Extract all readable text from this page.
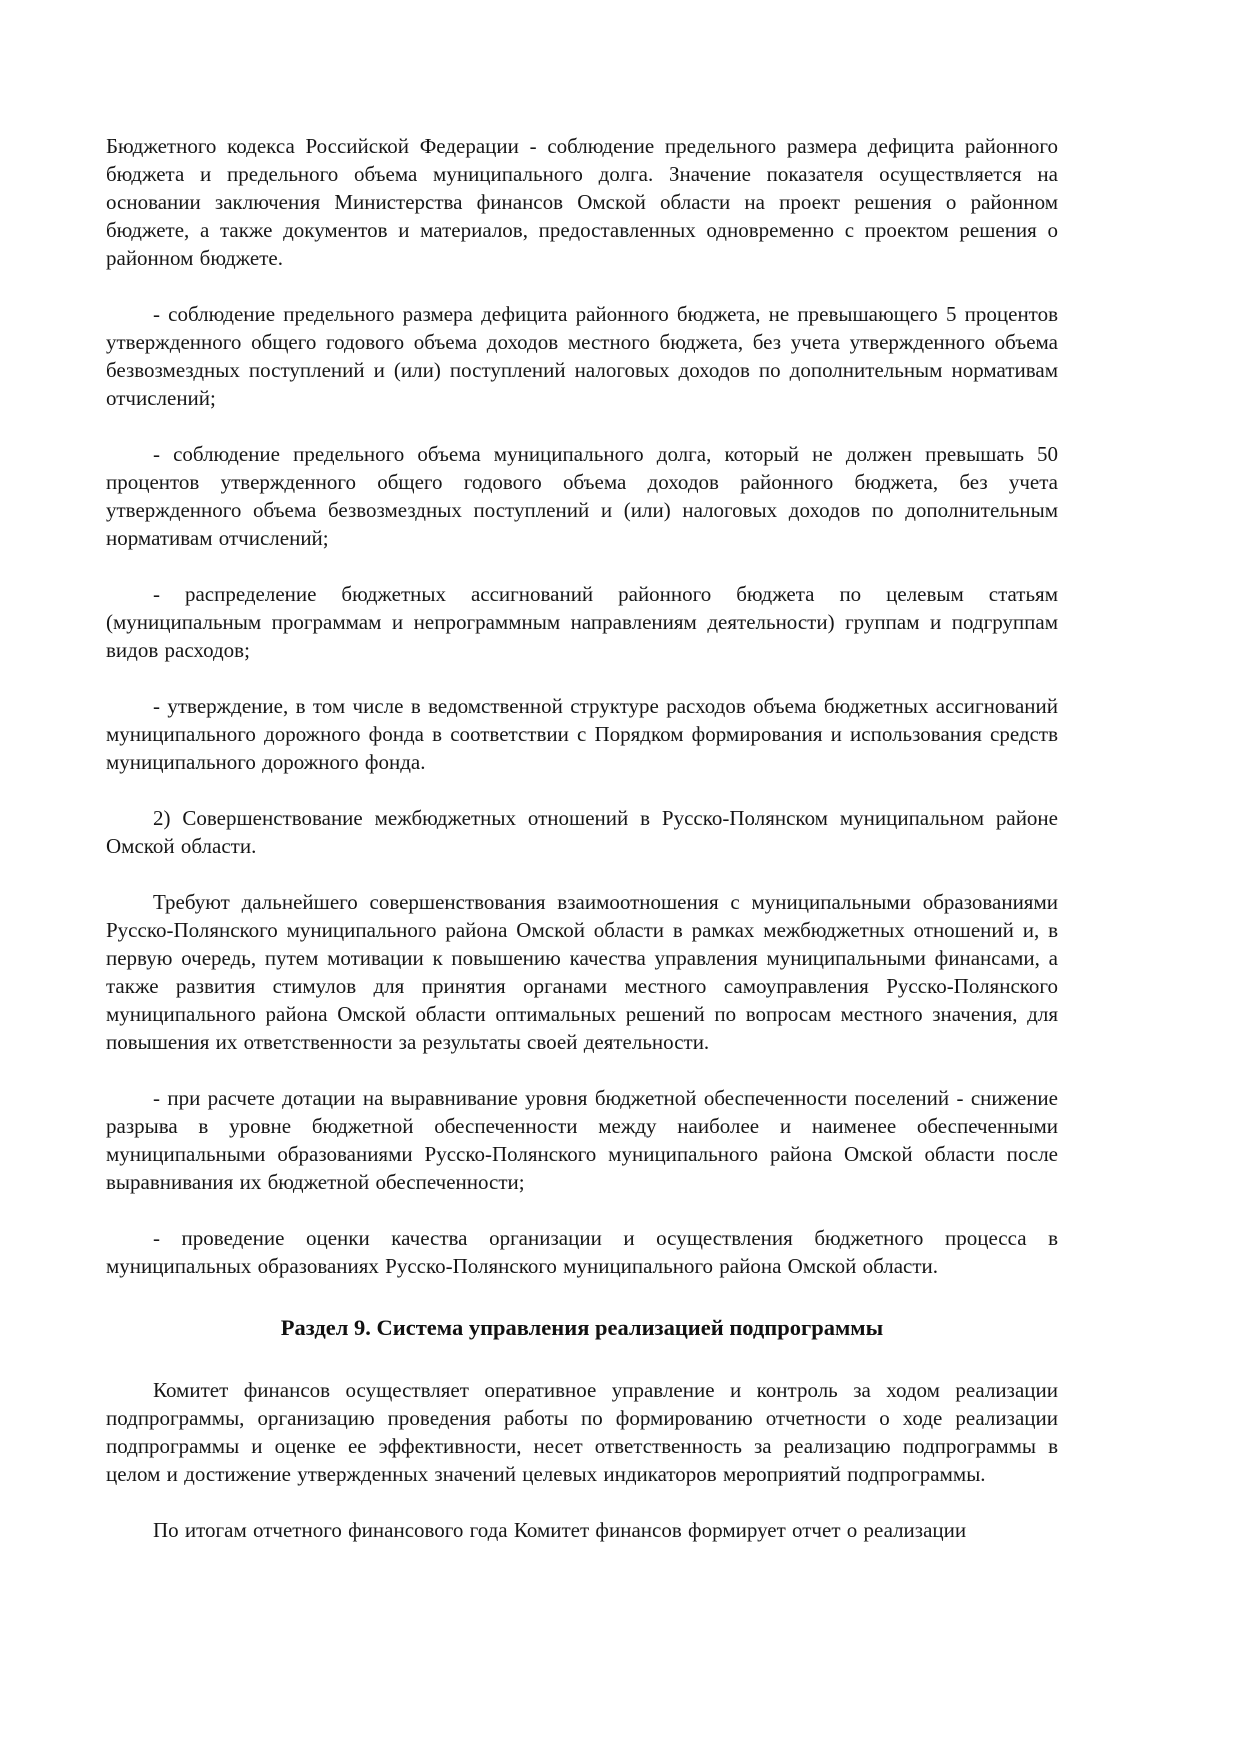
Бюджетного кодекса Российской Федерации - соблюдение предельного размера дефицита районного бюджета и предельного объема муниципального долга. Значение показателя осуществляется на основании заключения Министерства финансов Омской области на проект решения о районном бюджете, а также документов и материалов, предоставленных одновременно с проектом решения о районном бюджете.

- соблюдение предельного размера дефицита районного бюджета, не превышающего 5 процентов утвержденного общего годового объема доходов местного бюджета, без учета утвержденного объема безвозмездных поступлений и (или) поступлений налоговых доходов по дополнительным нормативам отчислений;

- соблюдение предельного объема муниципального долга, который не должен превышать 50 процентов утвержденного общего годового объема доходов районного бюджета, без учета утвержденного объема безвозмездных поступлений и (или) налоговых доходов по дополнительным нормативам отчислений;

- распределение бюджетных ассигнований районного бюджета по целевым статьям (муниципальным программам и непрограммным направлениям деятельности) группам и подгруппам видов расходов;

- утверждение, в том числе в ведомственной структуре расходов объема бюджетных ассигнований муниципального дорожного фонда в соответствии с Порядком формирования и использования средств муниципального дорожного фонда.

2) Совершенствование межбюджетных отношений в Русско-Полянском муниципальном районе Омской области.

Требуют дальнейшего совершенствования взаимоотношения с муниципальными образованиями Русско-Полянского муниципального района Омской области в рамках межбюджетных отношений и, в первую очередь, путем мотивации к повышению качества управления муниципальными финансами, а также развития стимулов для принятия органами местного самоуправления Русско-Полянского муниципального района Омской области оптимальных решений по вопросам местного значения, для повышения их ответственности за результаты своей деятельности.

- при расчете дотации на выравнивание уровня бюджетной обеспеченности поселений - снижение разрыва в уровне бюджетной обеспеченности между наиболее и наименее обеспеченными муниципальными образованиями Русско-Полянского муниципального района Омской области после выравнивания их бюджетной обеспеченности;

- проведение оценки качества организации и осуществления бюджетного процесса в муниципальных образованиях Русско-Полянского муниципального района Омской области.

Раздел 9. Система управления реализацией подпрограммы

Комитет финансов осуществляет оперативное управление и контроль за ходом реализации подпрограммы, организацию проведения работы по формированию отчетности о ходе реализации подпрограммы и оценке ее эффективности, несет ответственность за реализацию подпрограммы в целом и достижение утвержденных значений целевых индикаторов мероприятий подпрограммы.

По итогам отчетного финансового года Комитет финансов формирует отчет о реализации
